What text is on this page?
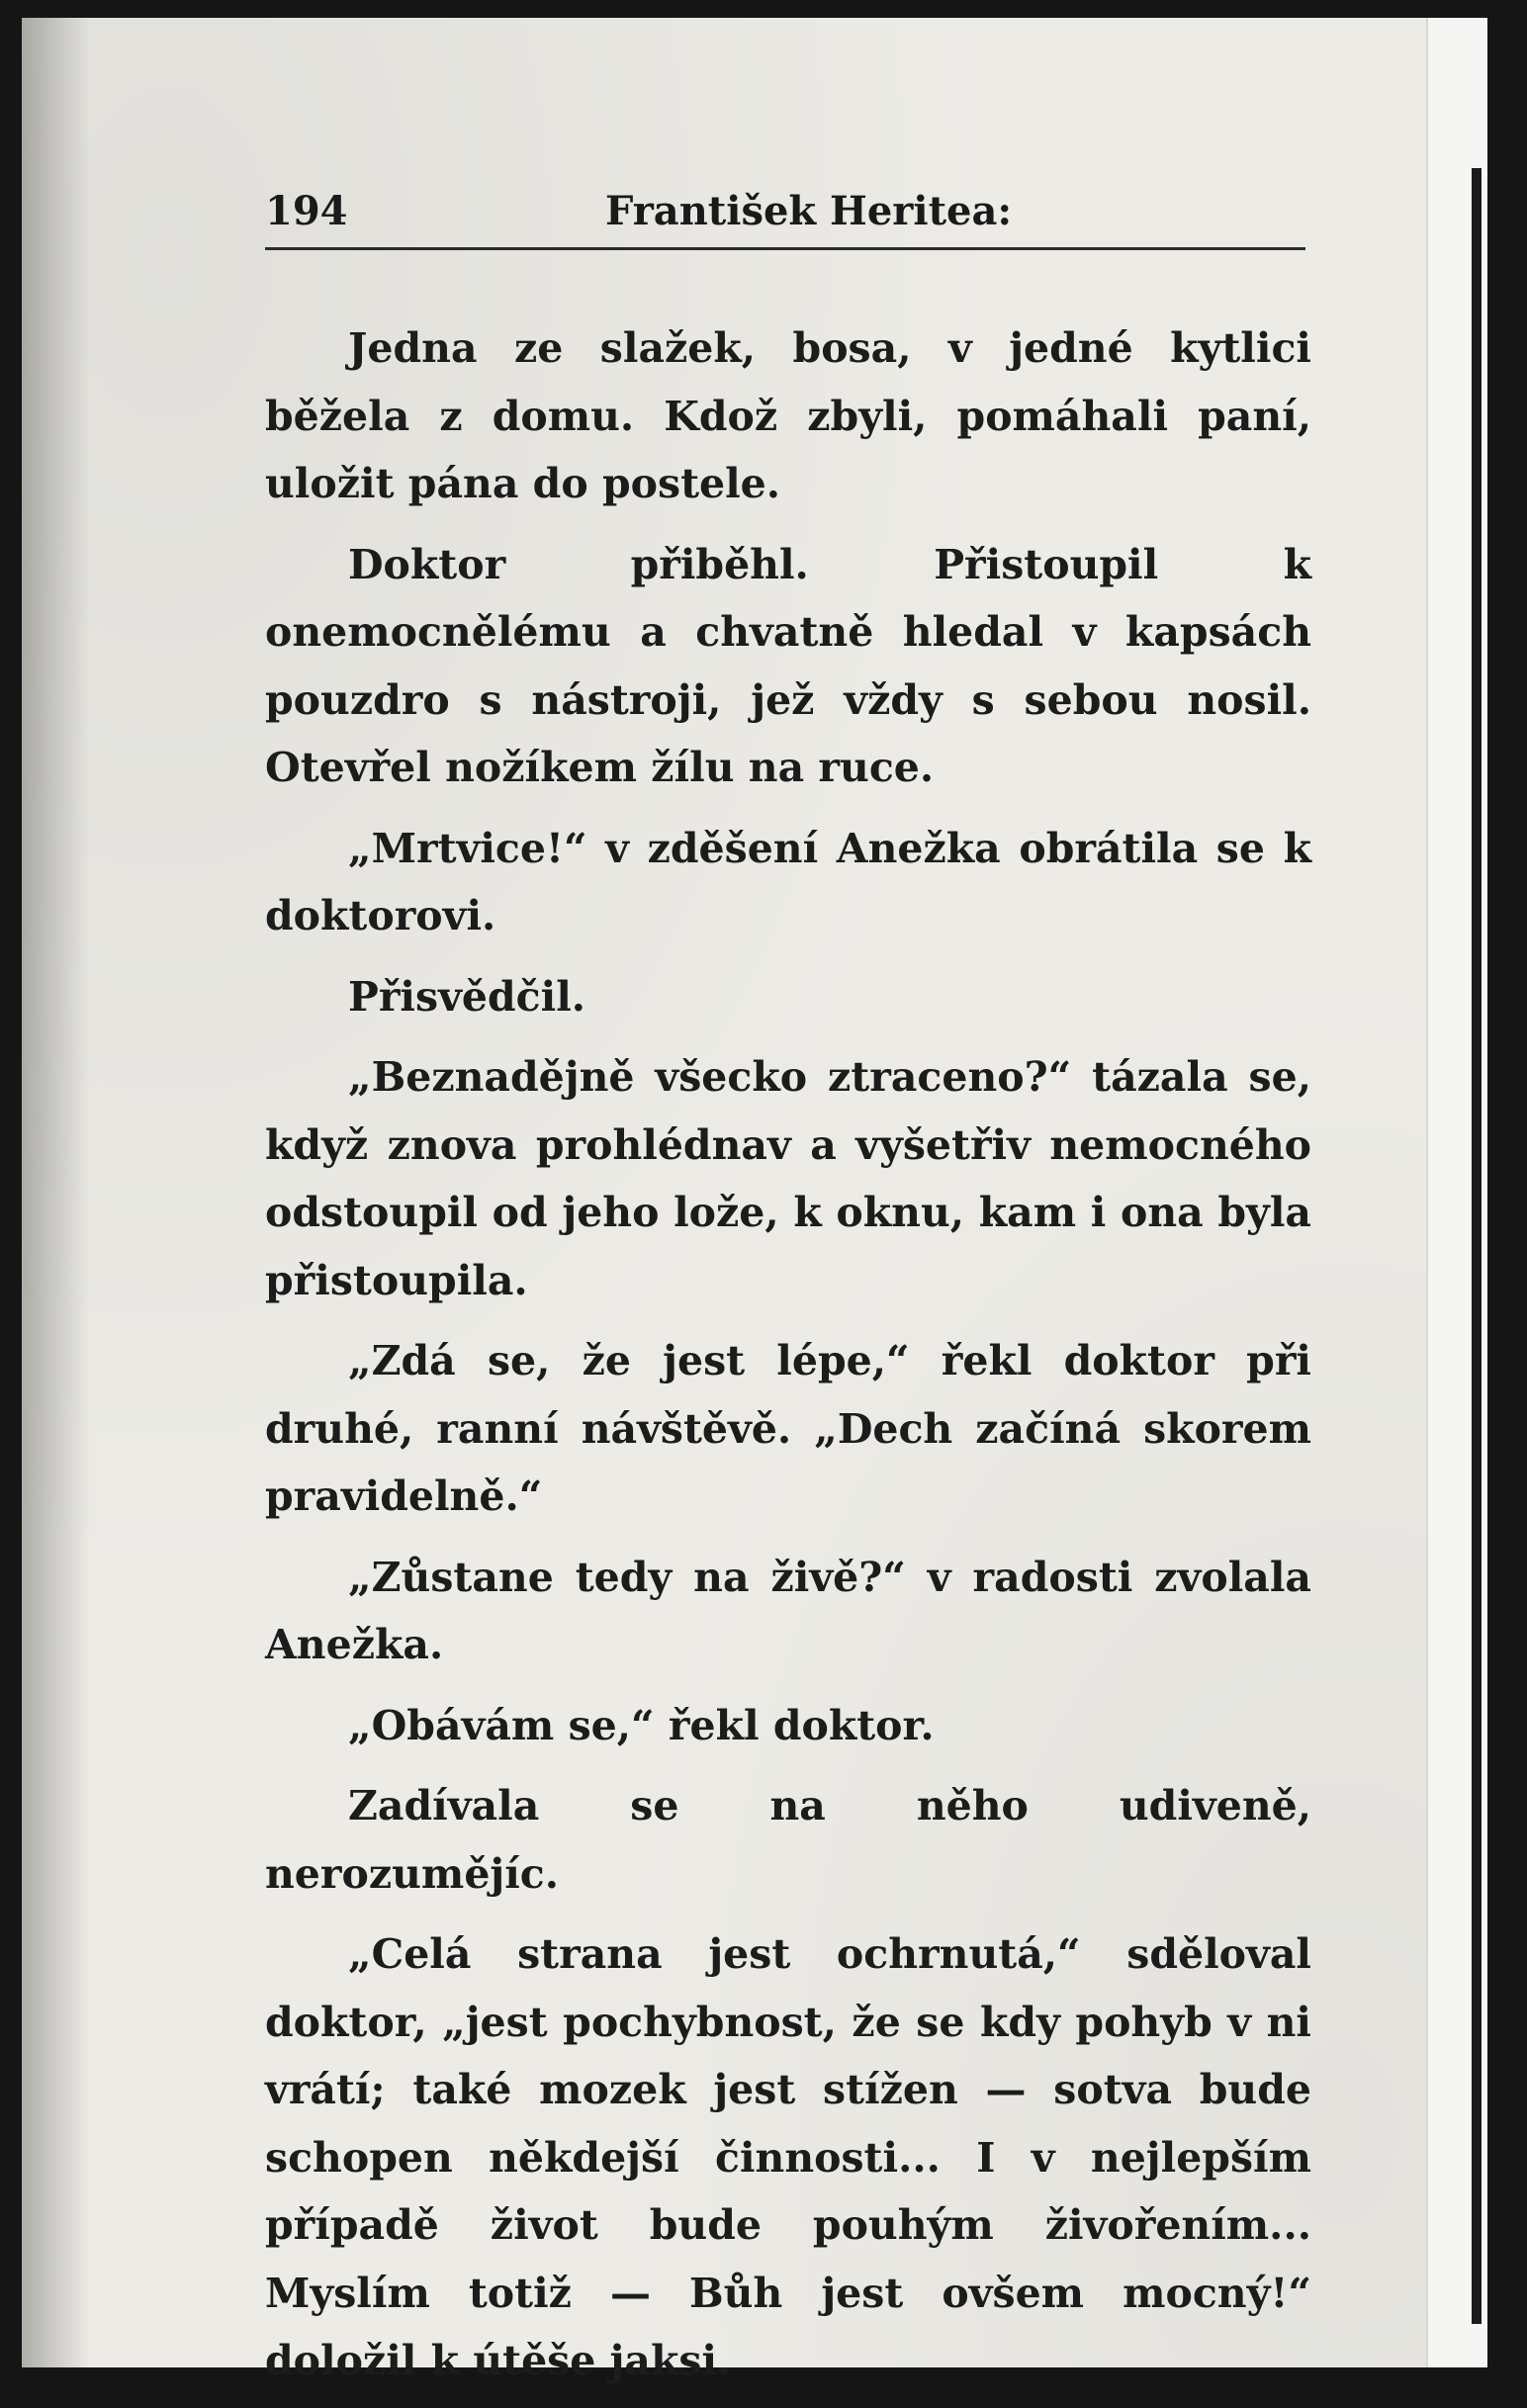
194	František Heritea:

Jedna ze slažek, bosa, v jedné kytlici běžela z domu. Kdož zbyli, pomáhali paní, uložit pána do postele.

Doktor přiběhl. Přistoupil k onemocnělému a chvatně hledal v kapsách pouzdro s nástroji, jež vždy s sebou nosil. Otevřel nožíkem žílu na ruce.

„Mrtvice!“ v zděšení Anežka obrátila se k doktorovi.

Přisvědčil.

„Beznadějně všecko ztraceno?“ tázala se, když znova prohlédnav a vyšetřiv nemocného odstoupil od jeho lože, k oknu, kam i ona byla přistoupila.

„Zdá se, že jest lépe,“ řekl doktor při druhé, ranní návštěvě. „Dech začíná skorem pravidelně.“

„Zůstane tedy na živě?“ v radosti zvolala Anežka.

„Obávám se,“ řekl doktor.

Zadívala se na něho udiveně, nerozumějíc.

„Celá strana jest ochrnutá,“ sděloval doktor, „jest pochybnost, že se kdy pohyb v ni vrátí; také mozek jest stížen — sotva bude schopen někdejší činnosti... I v nejlepším případě život bude pouhým živořením... Myslím totiž — Bůh jest ovšem mocný!“ doložil k útěše jaksi.
